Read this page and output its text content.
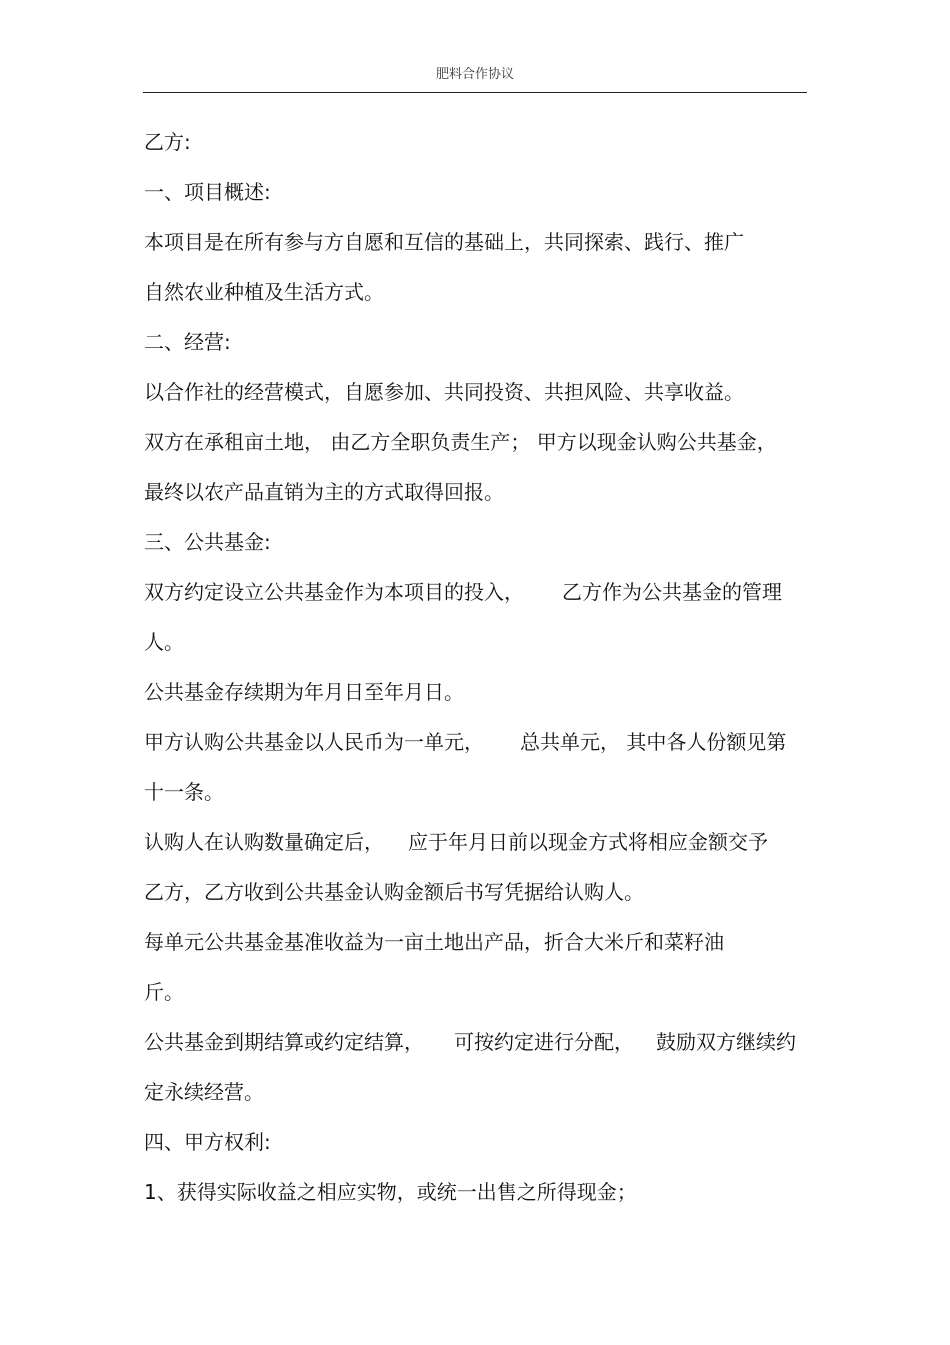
肥料合作协议
乙方:
一、项目概述:
本项目是在所有参与方自愿和互信的基础上，共同探索、践行、推广
自然农业种植及生活方式。
二、经营:
以合作社的经营模式，自愿参加、共同投资、共担风险、共享收益。
双方在承租亩土地， 由乙方全职负责生产； 甲方以现金认购公共基金，
最终以农产品直销为主的方式取得回报。
三、公共基金:
双方约定设立公共基金作为本项目的投入， 乙方作为公共基金的管理
人。
公共基金存续期为年月日至年月日。
甲方认购公共基金以人民币为一单元， 总共单元， 其中各人份额见第
十一条。
认购人在认购数量确定后， 应于年月日前以现金方式将相应金额交予
乙方，乙方收到公共基金认购金额后书写凭据给认购人。
每单元公共基金基准收益为一亩土地出产品，折合大米斤和菜籽油
斤。
公共基金到期结算或约定结算， 可按约定进行分配， 鼓励双方继续约
定永续经营。
四、甲方权利:
1、获得实际收益之相应实物，或统一出售之所得现金；
